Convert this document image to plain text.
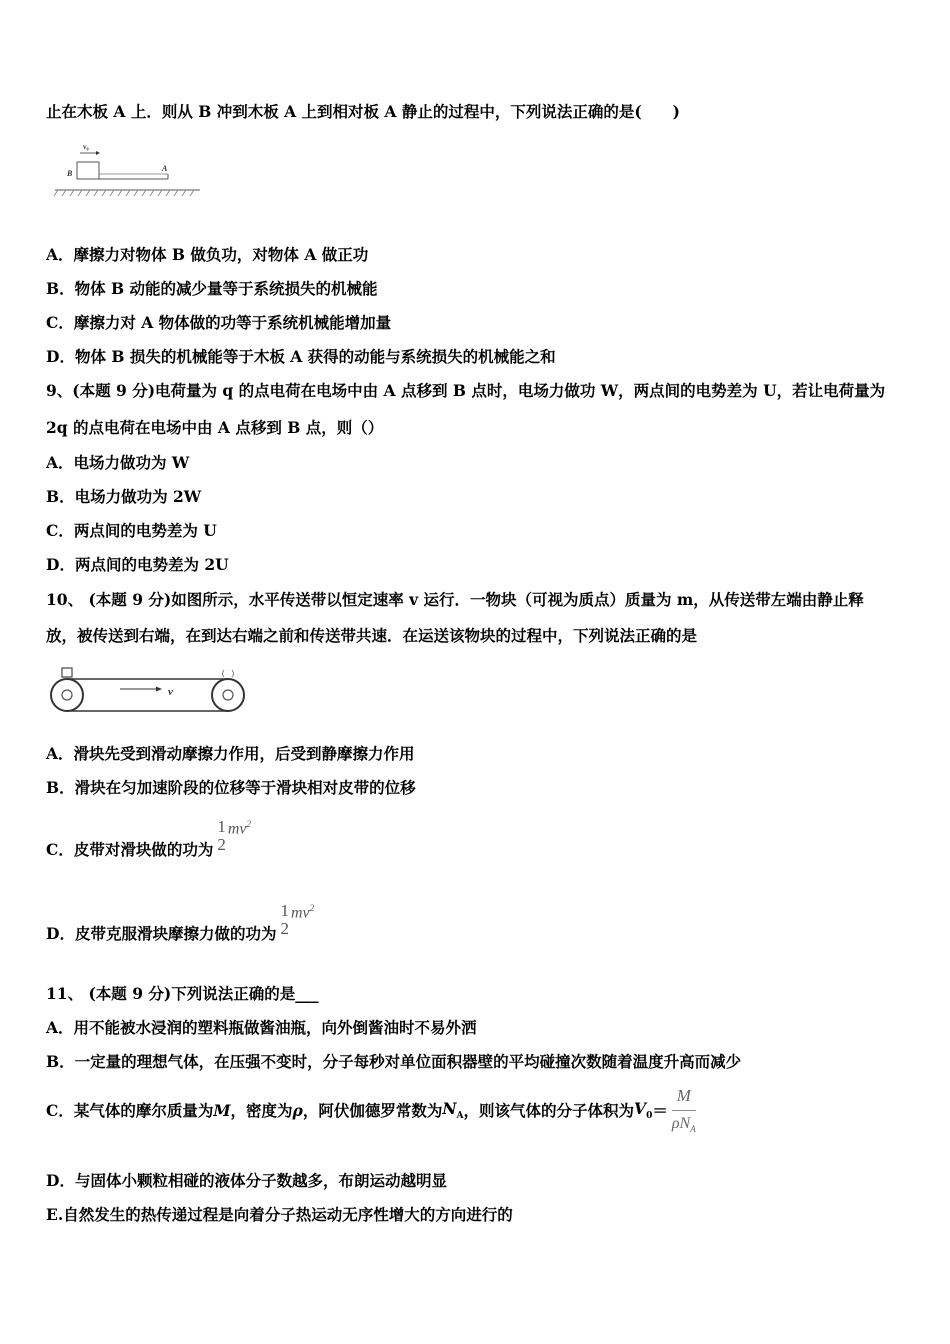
止在木板 A 上．则从 B 冲到木板 A 上到相对板 A 静止的过程中，下列说法正确的是(　　)
v₀
B
A
A．摩擦力对物体 B 做负功，对物体 A 做正功
B．物体 B 动能的减少量等于系统损失的机械能
C．摩擦力对 A 物体做的功等于系统机械能增加量
D．物体 B 损失的机械能等于木板 A 获得的动能与系统损失的机械能之和
9、(本题 9 分)电荷量为 q 的点电荷在电场中由 A 点移到 B 点时，电场力做功 W，两点间的电势差为 U，若让电荷量为
2q 的点电荷在电场中由 A 点移到 B 点，则（）
A．电场力做功为 W
B．电场力做功为 2W
C．两点间的电势差为 U
D．两点间的电势差为 2U
10、 (本题 9 分)如图所示，水平传送带以恒定速率 v 运行．一物块（可视为质点）质量为 m，从传送带左端由静止释
放，被传送到右端，在到达右端之前和传送带共速．在运送该物块的过程中，下列说法正确的是
v
A．滑块先受到滑动摩擦力作用，后受到静摩擦力作用
B．滑块在匀加速阶段的位移等于滑块相对皮带的位移
C．皮带对滑块做的功为
1
2
$mv^2$
D．皮带克服滑块摩擦力做的功为
1
2
$mv^2$
11、 (本题 9 分)下列说法正确的是___
A．用不能被水浸润的塑料瓶做酱油瓶，向外倒酱油时不易外洒
B．一定量的理想气体，在压强不变时，分子每秒对单位面积器壁的平均碰撞次数随着温度升高而减少
C．某气体的摩尔质量为 M ，密度为 ρ ，阿伏伽德罗常数为 $N_A$ ，则该气体的分子体积为 $V_0 = \frac{M}{\rho N_A}$
D．与固体小颗粒相碰的液体分子数越多，布朗运动越明显
E.自然发生的热传递过程是向着分子热运动无序性增大的方向进行的
